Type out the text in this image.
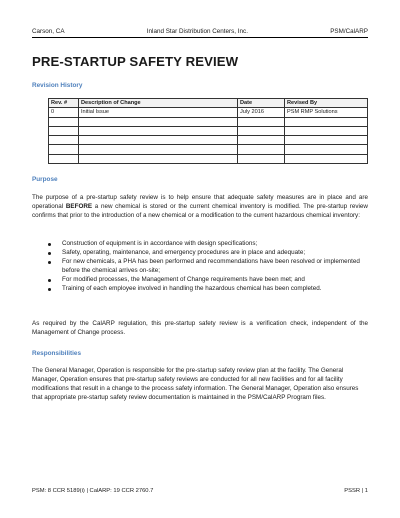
Carson, CA	Inland Star Distribution Centers, Inc.	PSM/CalARP
PRE-STARTUP SAFETY REVIEW
Revision History
Rev. #	Description of Change	Date	Revised By
0	Initial Issue	July 2016	PSM RMP Solutions

Purpose
The purpose of a pre-startup safety review is to help ensure that adequate safety measures are in place and are operational BEFORE a new chemical is stored or the current chemical inventory is modified. The pre-startup review confirms that prior to the introduction of a new chemical or a modification to the current hazardous chemical inventory:
Construction of equipment is in accordance with design specifications;
Safety, operating, maintenance, and emergency procedures are in place and adequate;
For new chemicals, a PHA has been performed and recommendations have been resolved or implemented before the chemical arrives on-site;
For modified processes, the Management of Change requirements have been met; and
Training of each employee involved in handling the hazardous chemical has been completed.
As required by the CalARP regulation, this pre-startup safety review is a verification check, independent of the Management of Change process.
Responsibilities
The General Manager, Operation is responsible for the pre-startup safety review plan at the facility. The General Manager, Operation ensures that pre-startup safety reviews are conducted for all new facilities and for all facility modifications that result in a change to the process safety information. The General Manager, Operation also ensures that appropriate pre-startup safety review documentation is maintained in the PSM/CalARP Program files.
PSM: 8 CCR 5189(i) | CalARP: 19 CCR 2760.7	PSSR | 1
